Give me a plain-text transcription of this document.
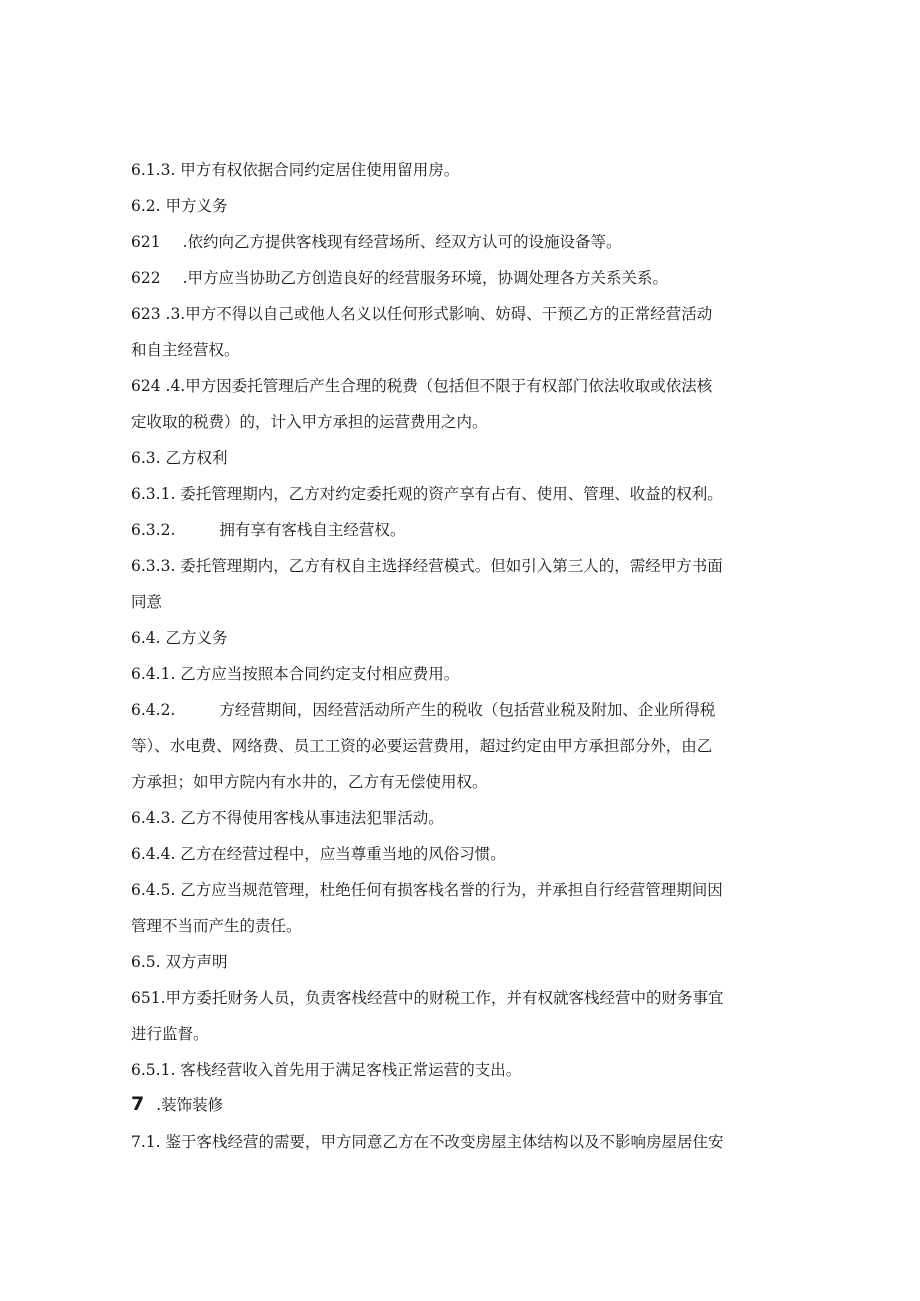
6.1.3. 甲方有权依据合同约定居住使用留用房。
6.2. 甲方义务
621 .依约向乙方提供客栈现有经营场所、经双方认可的设施设备等。
622 .甲方应当协助乙方创造良好的经营服务环境，协调处理各方关系关系。
623 .3.甲方不得以自己或他人名义以任何形式影响、妨碍、干预乙方的正常经营活动
和自主经营权。
624 .4.甲方因委托管理后产生合理的税费（包括但不限于有权部门依法收取或依法核
定收取的税费）的，计入甲方承担的运营费用之内。
6.3. 乙方权利
6.3.1. 委托管理期内，乙方对约定委托观的资产享有占有、使用、管理、收益的权利。
6.3.2.	拥有享有客栈自主经营权。
6.3.3. 委托管理期内，乙方有权自主选择经营模式。但如引入第三人的，需经甲方书面
同意
6.4. 乙方义务
6.4.1. 乙方应当按照本合同约定支付相应费用。
6.4.2.	方经营期间，因经营活动所产生的税收（包括营业税及附加、企业所得税
等）、水电费、网络费、员工工资的必要运营费用，超过约定由甲方承担部分外，由乙
方承担；如甲方院内有水井的，乙方有无偿使用权。
6.4.3. 乙方不得使用客栈从事违法犯罪活动。
6.4.4. 乙方在经营过程中，应当尊重当地的风俗习惯。
6.4.5. 乙方应当规范管理，杜绝任何有损客栈名誉的行为，并承担自行经营管理期间因
管理不当而产生的责任。
6.5. 双方声明
651.甲方委托财务人员，负责客栈经营中的财税工作，并有权就客栈经营中的财务事宜
进行监督。
6.5.1. 客栈经营收入首先用于满足客栈正常运营的支出。
7 .装饰装修
7.1. 鉴于客栈经营的需要，甲方同意乙方在不改变房屋主体结构以及不影响房屋居住安
